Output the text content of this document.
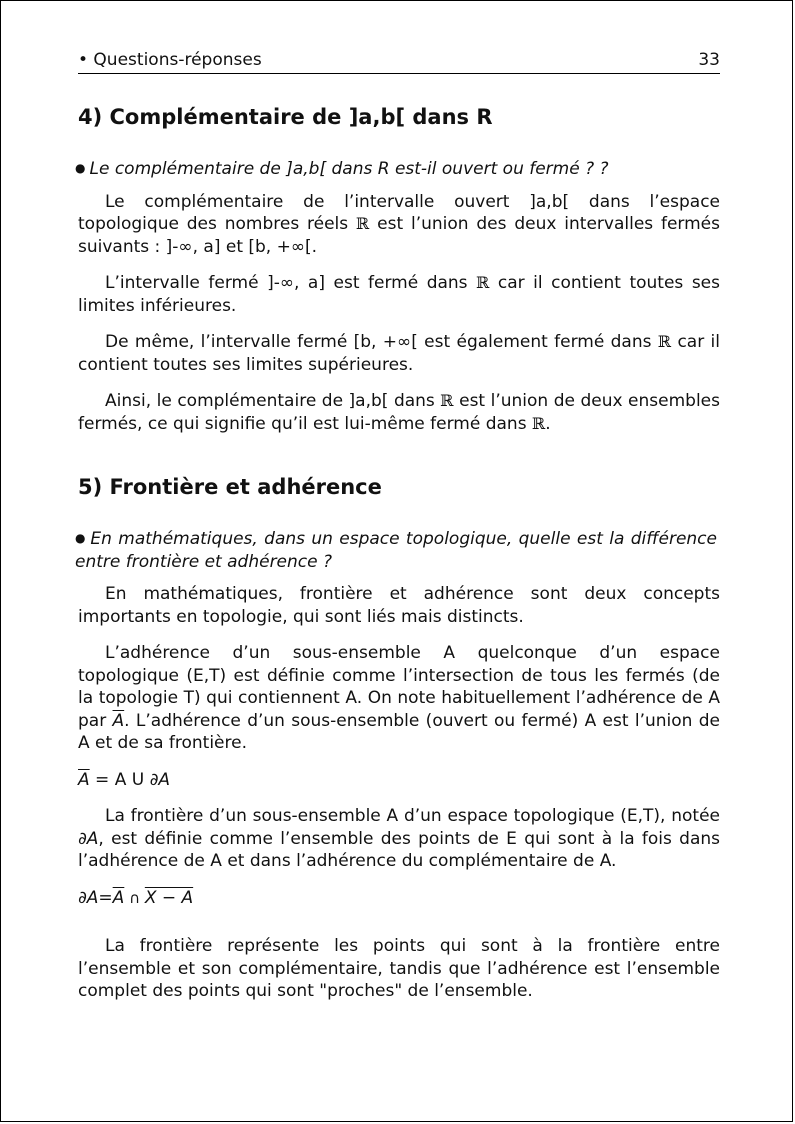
• Questions-réponses	33
4) Complémentaire de ]a,b[ dans R
● Le complémentaire de ]a,b[ dans R est-il ouvert ou fermé ? ?

Le complémentaire de l’intervalle ouvert ]a,b[ dans l’espace topologique des nombres réels ℝ est l’union des deux intervalles fermés suivants : ]-∞, a] et [b, +∞[.

L’intervalle fermé ]-∞, a] est fermé dans ℝ car il contient toutes ses limites inférieures.

De même, l’intervalle fermé [b, +∞[ est également fermé dans ℝ car il contient toutes ses limites supérieures.

Ainsi, le complémentaire de ]a,b[ dans ℝ est l’union de deux ensembles fermés, ce qui signifie qu’il est lui-même fermé dans ℝ.

5) Frontière et adhérence
● En mathématiques, dans un espace topologique, quelle est la différence entre frontière et adhérence ?

En mathématiques, frontière et adhérence sont deux concepts importants en topologie, qui sont liés mais distincts.

L’adhérence d’un sous-ensemble A quelconque d’un espace topologique (E,T) est définie comme l’intersection de tous les fermés (de la topologie T) qui contiennent A. On note habituellement l’adhérence de A par $\overline{A}$. L’adhérence d’un sous-ensemble (ouvert ou fermé) A est l’union de A et de sa frontière.

$\overline{A} = A$ U ∂A

La frontière d’un sous-ensemble A d’un espace topologique (E,T), notée ∂A, est définie comme l’ensemble des points de E qui sont à la fois dans l’adhérence de A et dans l’adhérence du complémentaire de A.

$\partial A=\overline{A}$ ∩ X − A

La frontière représente les points qui sont à la frontière entre l’ensemble et son complémentaire, tandis que l’adhérence est l’ensemble complet des points qui sont "proches" de l’ensemble.
